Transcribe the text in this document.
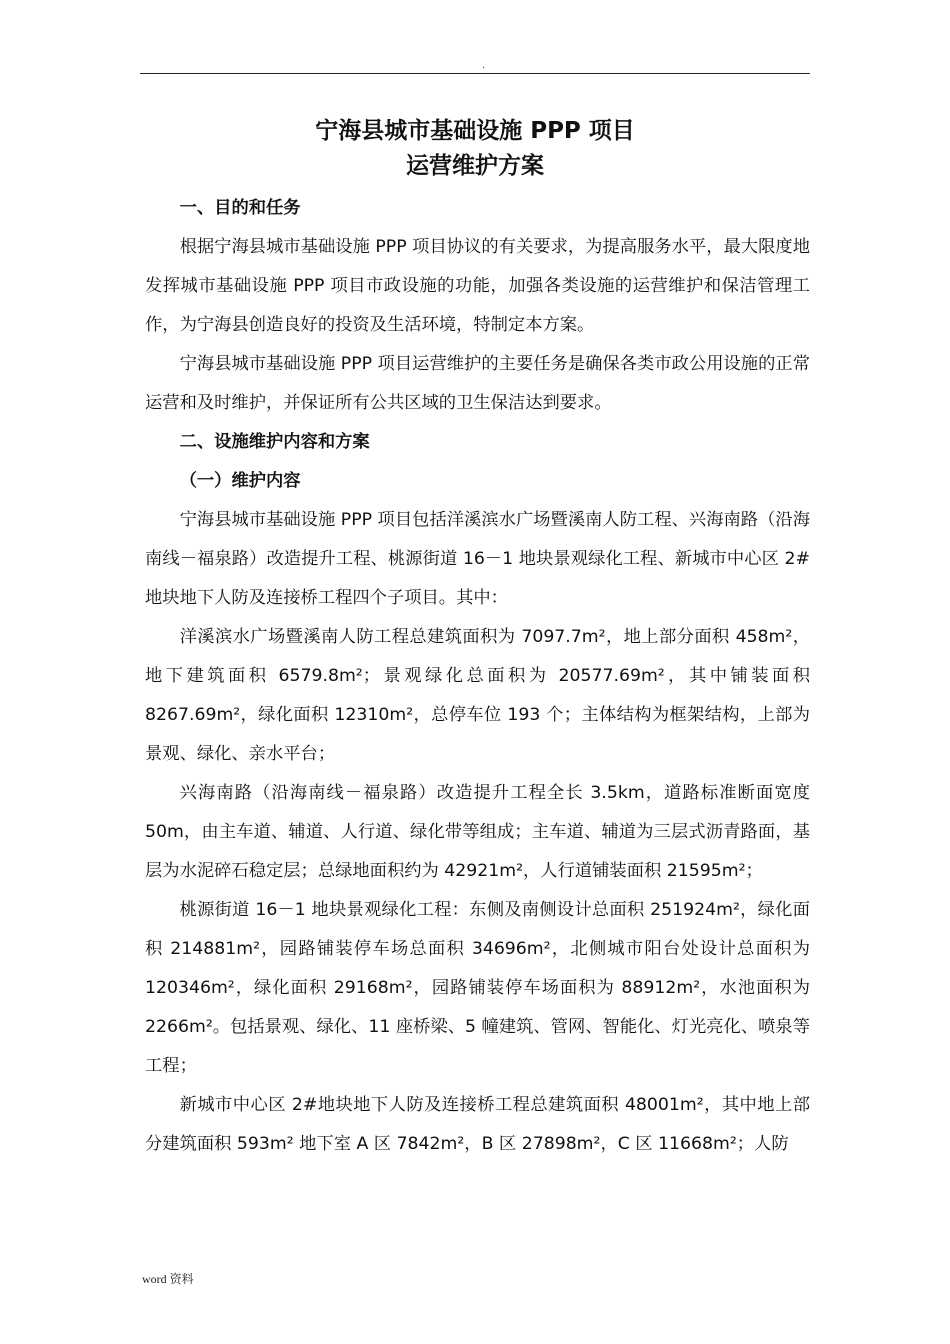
.
宁海县城市基础设施 PPP 项目
运营维护方案
一、目的和任务

根据宁海县城市基础设施 PPP 项目协议的有关要求，为提高服务水平，最大限度地发挥城市基础设施 PPP 项目市政设施的功能，加强各类设施的运营维护和保洁管理工作，为宁海县创造良好的投资及生活环境，特制定本方案。

宁海县城市基础设施 PPP 项目运营维护的主要任务是确保各类市政公用设施的正常运营和及时维护，并保证所有公共区域的卫生保洁达到要求。

二、设施维护内容和方案
（一）维护内容

宁海县城市基础设施 PPP 项目包括洋溪滨水广场暨溪南人防工程、兴海南路（沿海南线－福泉路）改造提升工程、桃源街道 16－1 地块景观绿化工程、新城市中心区 2#地块地下人防及连接桥工程四个子项目。其中：

洋溪滨水广场暨溪南人防工程总建筑面积为 7097.7m²，地上部分面积 458m²，地下建筑面积 6579.8m²；景观绿化总面积为 20577.69m²，其中铺装面积 8267.69m²，绿化面积 12310m²，总停车位 193 个；主体结构为框架结构，上部为景观、绿化、亲水平台；

兴海南路（沿海南线－福泉路）改造提升工程全长 3.5km，道路标准断面宽度 50m，由主车道、辅道、人行道、绿化带等组成；主车道、辅道为三层式沥青路面，基层为水泥碎石稳定层；总绿地面积约为 42921m²，人行道铺装面积 21595m²；

桃源街道 16－1 地块景观绿化工程：东侧及南侧设计总面积 251924m²，绿化面积 214881m²，园路铺装停车场总面积 34696m²，北侧城市阳台处设计总面积为 120346m²，绿化面积 29168m²，园路铺装停车场面积为 88912m²，水池面积为 2266m²。包括景观、绿化、11 座桥梁、5 幢建筑、管网、智能化、灯光亮化、喷泉等工程；

新城市中心区 2#地块地下人防及连接桥工程总建筑面积 48001m²，其中地上部分建筑面积 593m² 地下室 A 区 7842m²，B 区 27898m²，C 区 11668m²；人防

word 资料
